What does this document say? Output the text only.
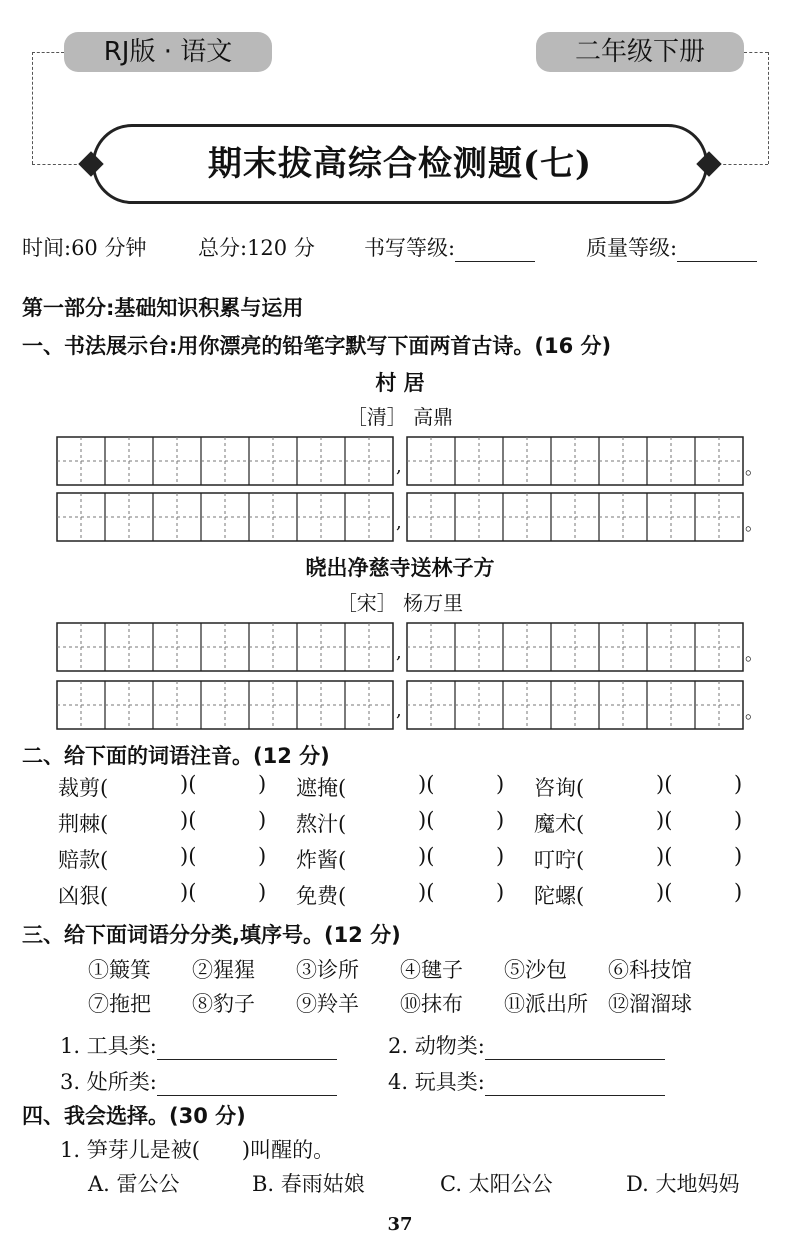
RJ版 · 语文	二年级下册
期末拔高综合检测题(七)
时间:60 分钟 总分:120 分 书写等级:	质量等级:
第一部分:基础知识积累与运用
一、书法展示台:用你漂亮的铅笔字默写下面两首古诗。(16 分)
村 居
［清］ 高鼎
,	。
,	。
晓出净慈寺送林子方
［宋］ 杨万里
,	。
,	。
二、给下面的词语注音。(12 分)
裁剪(	)(	) 遮掩(	)(	) 咨询(	)(	)
荆棘(	)(	) 熬汁(	)(	) 魔术(	)(	)
赔款(	)(	) 炸酱(	)(	) 叮咛(	)(	)
凶狠(	)(	) 免费(	)(	) 陀螺(	)(	)
三、给下面词语分分类,填序号。(12 分)
①簸箕 ②猩猩 ③诊所 ④毽子 ⑤沙包 ⑥科技馆
⑦拖把 ⑧豹子 ⑨羚羊 ⑩抹布 ⑪派出所 ⑫溜溜球
1. 工具类:	2. 动物类:
3. 处所类:	4. 玩具类:
四、我会选择。(30 分)
1. 笋芽儿是被(　　)叫醒的。
A. 雷公公	B. 春雨姑娘	C. 太阳公公	D. 大地妈妈
37
